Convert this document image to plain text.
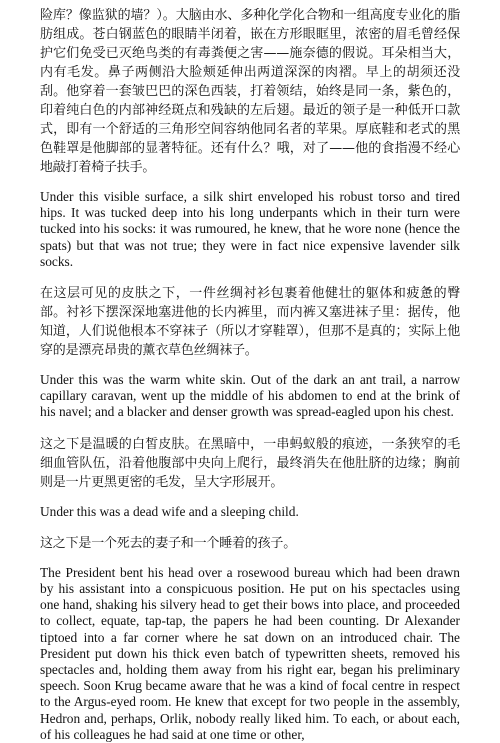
险库？像监狱的墙？）。大脑由水、多种化学化合物和一组高度专业化的脂肪组成。苍白钢蓝色的眼睛半闭着，嵌在方形眼眶里，浓密的眉毛曾经保护它们免受已灭绝鸟类的有毒粪便之害——施奈德的假说。耳朵相当大，内有毛发。鼻子两侧沿大脸颊延伸出两道深深的肉褶。早上的胡须还没刮。他穿着一套皱巴巴的深色西装，打着领结，始终是同一条，紫色的，印着纯白色的内部神经斑点和残缺的左后翅。最近的领子是一种低开口款式，即有一个舒适的三角形空间容纳他同名者的苹果。厚底鞋和老式的黑色鞋罩是他脚部的显著特征。还有什么？哦，对了——他的食指漫不经心地敲打着椅子扶手。

Under this visible surface, a silk shirt enveloped his robust torso and tired hips. It was tucked deep into his long underpants which in their turn were tucked into his socks: it was rumoured, he knew, that he wore none (hence the spats) but that was not true; they were in fact nice expensive lavender silk socks.

在这层可见的皮肤之下，一件丝绸衬衫包裹着他健壮的躯体和疲惫的臀部。衬衫下摆深深地塞进他的长内裤里，而内裤又塞进袜子里：据传，他知道，人们说他根本不穿袜子（所以才穿鞋罩），但那不是真的；实际上他穿的是漂亮昂贵的薰衣草色丝绸袜子。

Under this was the warm white skin. Out of the dark an ant trail, a narrow capillary caravan, went up the middle of his abdomen to end at the brink of his navel; and a blacker and denser growth was spread-eagled upon his chest.

这之下是温暖的白皙皮肤。在黑暗中，一串蚂蚁般的痕迹，一条狭窄的毛细血管队伍，沿着他腹部中央向上爬行，最终消失在他肚脐的边缘；胸前则是一片更黑更密的毛发，呈大字形展开。

Under this was a dead wife and a sleeping child.

这之下是一个死去的妻子和一个睡着的孩子。

The President bent his head over a rosewood bureau which had been drawn by his assistant into a conspicuous position. He put on his spectacles using one hand, shaking his silvery head to get their bows into place, and proceeded to collect, equate, tap-tap, the papers he had been counting. Dr Alexander tiptoed into a far corner where he sat down on an introduced chair. The President put down his thick even batch of typewritten sheets, removed his spectacles and, holding them away from his right ear, began his preliminary speech. Soon Krug became aware that he was a kind of focal centre in respect to the Argus-eyed room. He knew that except for two people in the assembly, Hedron and, perhaps, Orlik, nobody really liked him. To each, or about each, of his colleagues he had said at one time or other,
